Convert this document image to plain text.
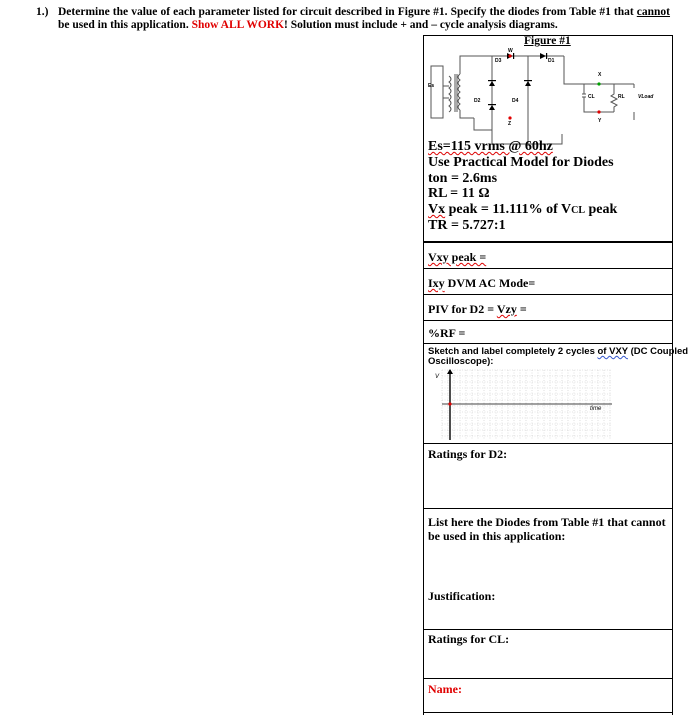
1.) Determine the value of each parameter listed for circuit described in Figure #1. Specify the diodes from Table #1 that cannot be used in this application. Show ALL WORK! Solution must include + and – cycle analysis diagrams.
Figure #1
Es
W
D3	D1
D2	D4
Z
X
Y
CL	RL	VLoad
Es=115 vrms @ 60hz
Use Practical Model for Diodes
ton = 2.6ms
RL = 11 Ω
Vx peak = 11.111% of VCL peak
TR = 5.727:1
Vxy peak =
Ixy DVM AC Mode=
PIV for D2 = Vzy =
%RF =
Sketch and label completely 2 cycles of VXY (DC Coupled
Oscilloscope):
V
time
Ratings for D2:
List here the Diodes from Table #1 that cannot
be used in this application:
Justification:
Ratings for CL:
Name:
